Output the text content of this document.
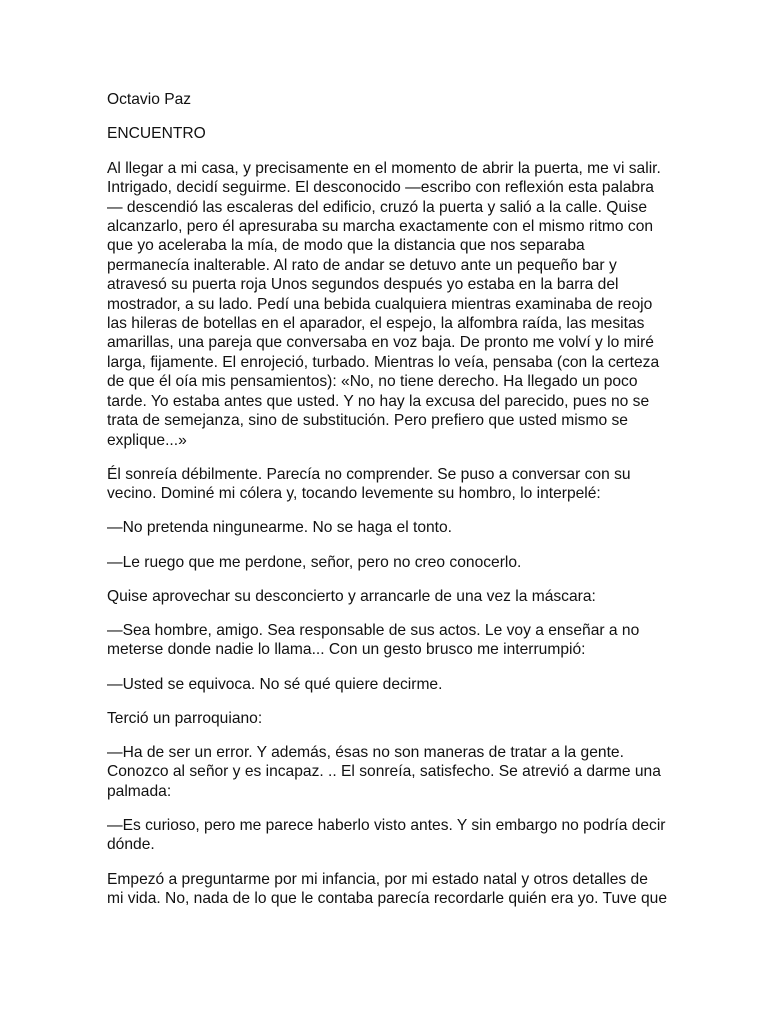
Octavio Paz

ENCUENTRO

Al llegar a mi casa, y precisamente en el momento de abrir la puerta, me vi salir. Intrigado, decidí seguirme. El desconocido —escribo con reflexión esta palabra— descendió las escaleras del edificio, cruzó la puerta y salió a la calle. Quise alcanzarlo, pero él apresuraba su marcha exactamente con el mismo ritmo con que yo aceleraba la mía, de modo que la distancia que nos separaba permanecía inalterable. Al rato de andar se detuvo ante un pequeño bar y atravesó su puerta roja Unos segundos después yo estaba en la barra del mostrador, a su lado. Pedí una bebida cualquiera mientras examinaba de reojo las hileras de botellas en el aparador, el espejo, la alfombra raída, las mesitas amarillas, una pareja que conversaba en voz baja. De pronto me volví y lo miré larga, fijamente. El enrojeció, turbado. Mientras lo veía, pensaba (con la certeza de que él oía mis pensamientos): «No, no tiene derecho. Ha llegado un poco tarde. Yo estaba antes que usted. Y no hay la excusa del parecido, pues no se trata de semejanza, sino de substitución. Pero prefiero que usted mismo se explique...»

Él sonreía débilmente. Parecía no comprender. Se puso a conversar con su vecino. Dominé mi cólera y, tocando levemente su hombro, lo interpelé:

—No pretenda ningunearme. No se haga el tonto.

—Le ruego que me perdone, señor, pero no creo conocerlo.

Quise aprovechar su desconcierto y arrancarle de una vez la máscara:

—Sea hombre, amigo. Sea responsable de sus actos. Le voy a enseñar a no meterse donde nadie lo llama... Con un gesto brusco me interrumpió:

—Usted se equivoca. No sé qué quiere decirme.

Terció un parroquiano:

—Ha de ser un error. Y además, ésas no son maneras de tratar a la gente. Conozco al señor y es incapaz. .. El sonreía, satisfecho. Se atrevió a darme una palmada:

—Es curioso, pero me parece haberlo visto antes. Y sin embargo no podría decir dónde.

Empezó a preguntarme por mi infancia, por mi estado natal y otros detalles de mi vida. No, nada de lo que le contaba parecía recordarle quién era yo. Tuve que
